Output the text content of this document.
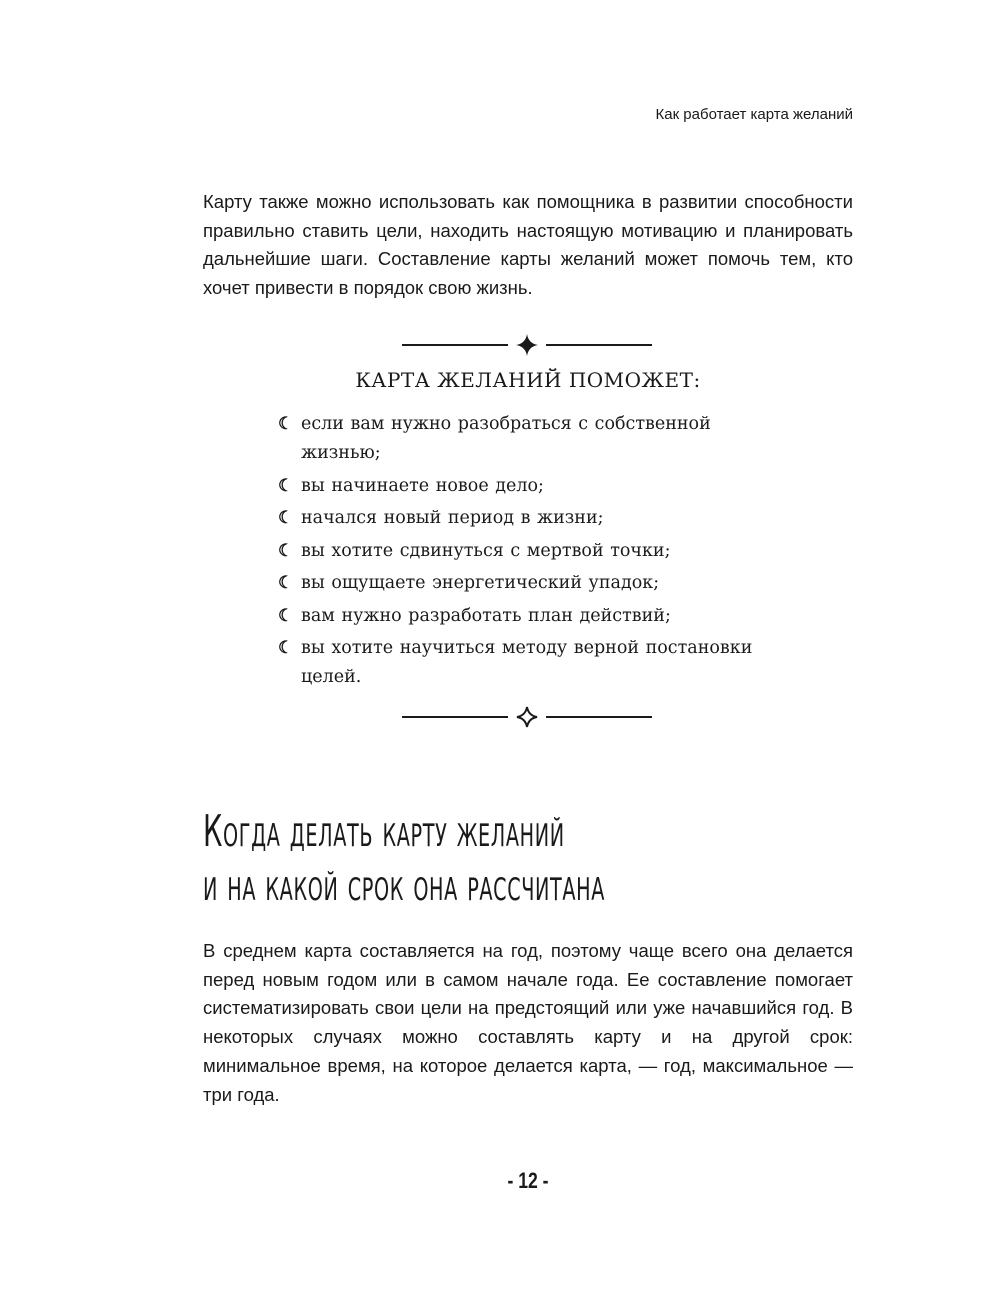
Как работает карта желаний

Карту также можно использовать как помощника в развитии способности правильно ставить цели, находить настоящую мотивацию и планировать дальнейшие шаги. Составление карты желаний может помочь тем, кто хочет привести в порядок свою жизнь.

КАРТА ЖЕЛАНИЙ ПОМОЖЕТ:
☾ если вам нужно разобраться с собственной жизнью;
☾ вы начинаете новое дело;
☾ начался новый период в жизни;
☾ вы хотите сдвинуться с мертвой точки;
☾ вы ощущаете энергетический упадок;
☾ вам нужно разработать план действий;
☾ вы хотите научиться методу верной постановки целей.
Когда делать карту желаний
и на какой срок она рассчитана

В среднем карта составляется на год, поэтому чаще всего она делается перед новым годом или в самом начале года. Ее составление помогает систематизировать свои цели на предстоящий или уже начавшийся год. В некоторых случаях можно составлять карту и на другой срок: минимальное время, на которое делается карта, — год, максимальное — три года.

- 12 -
